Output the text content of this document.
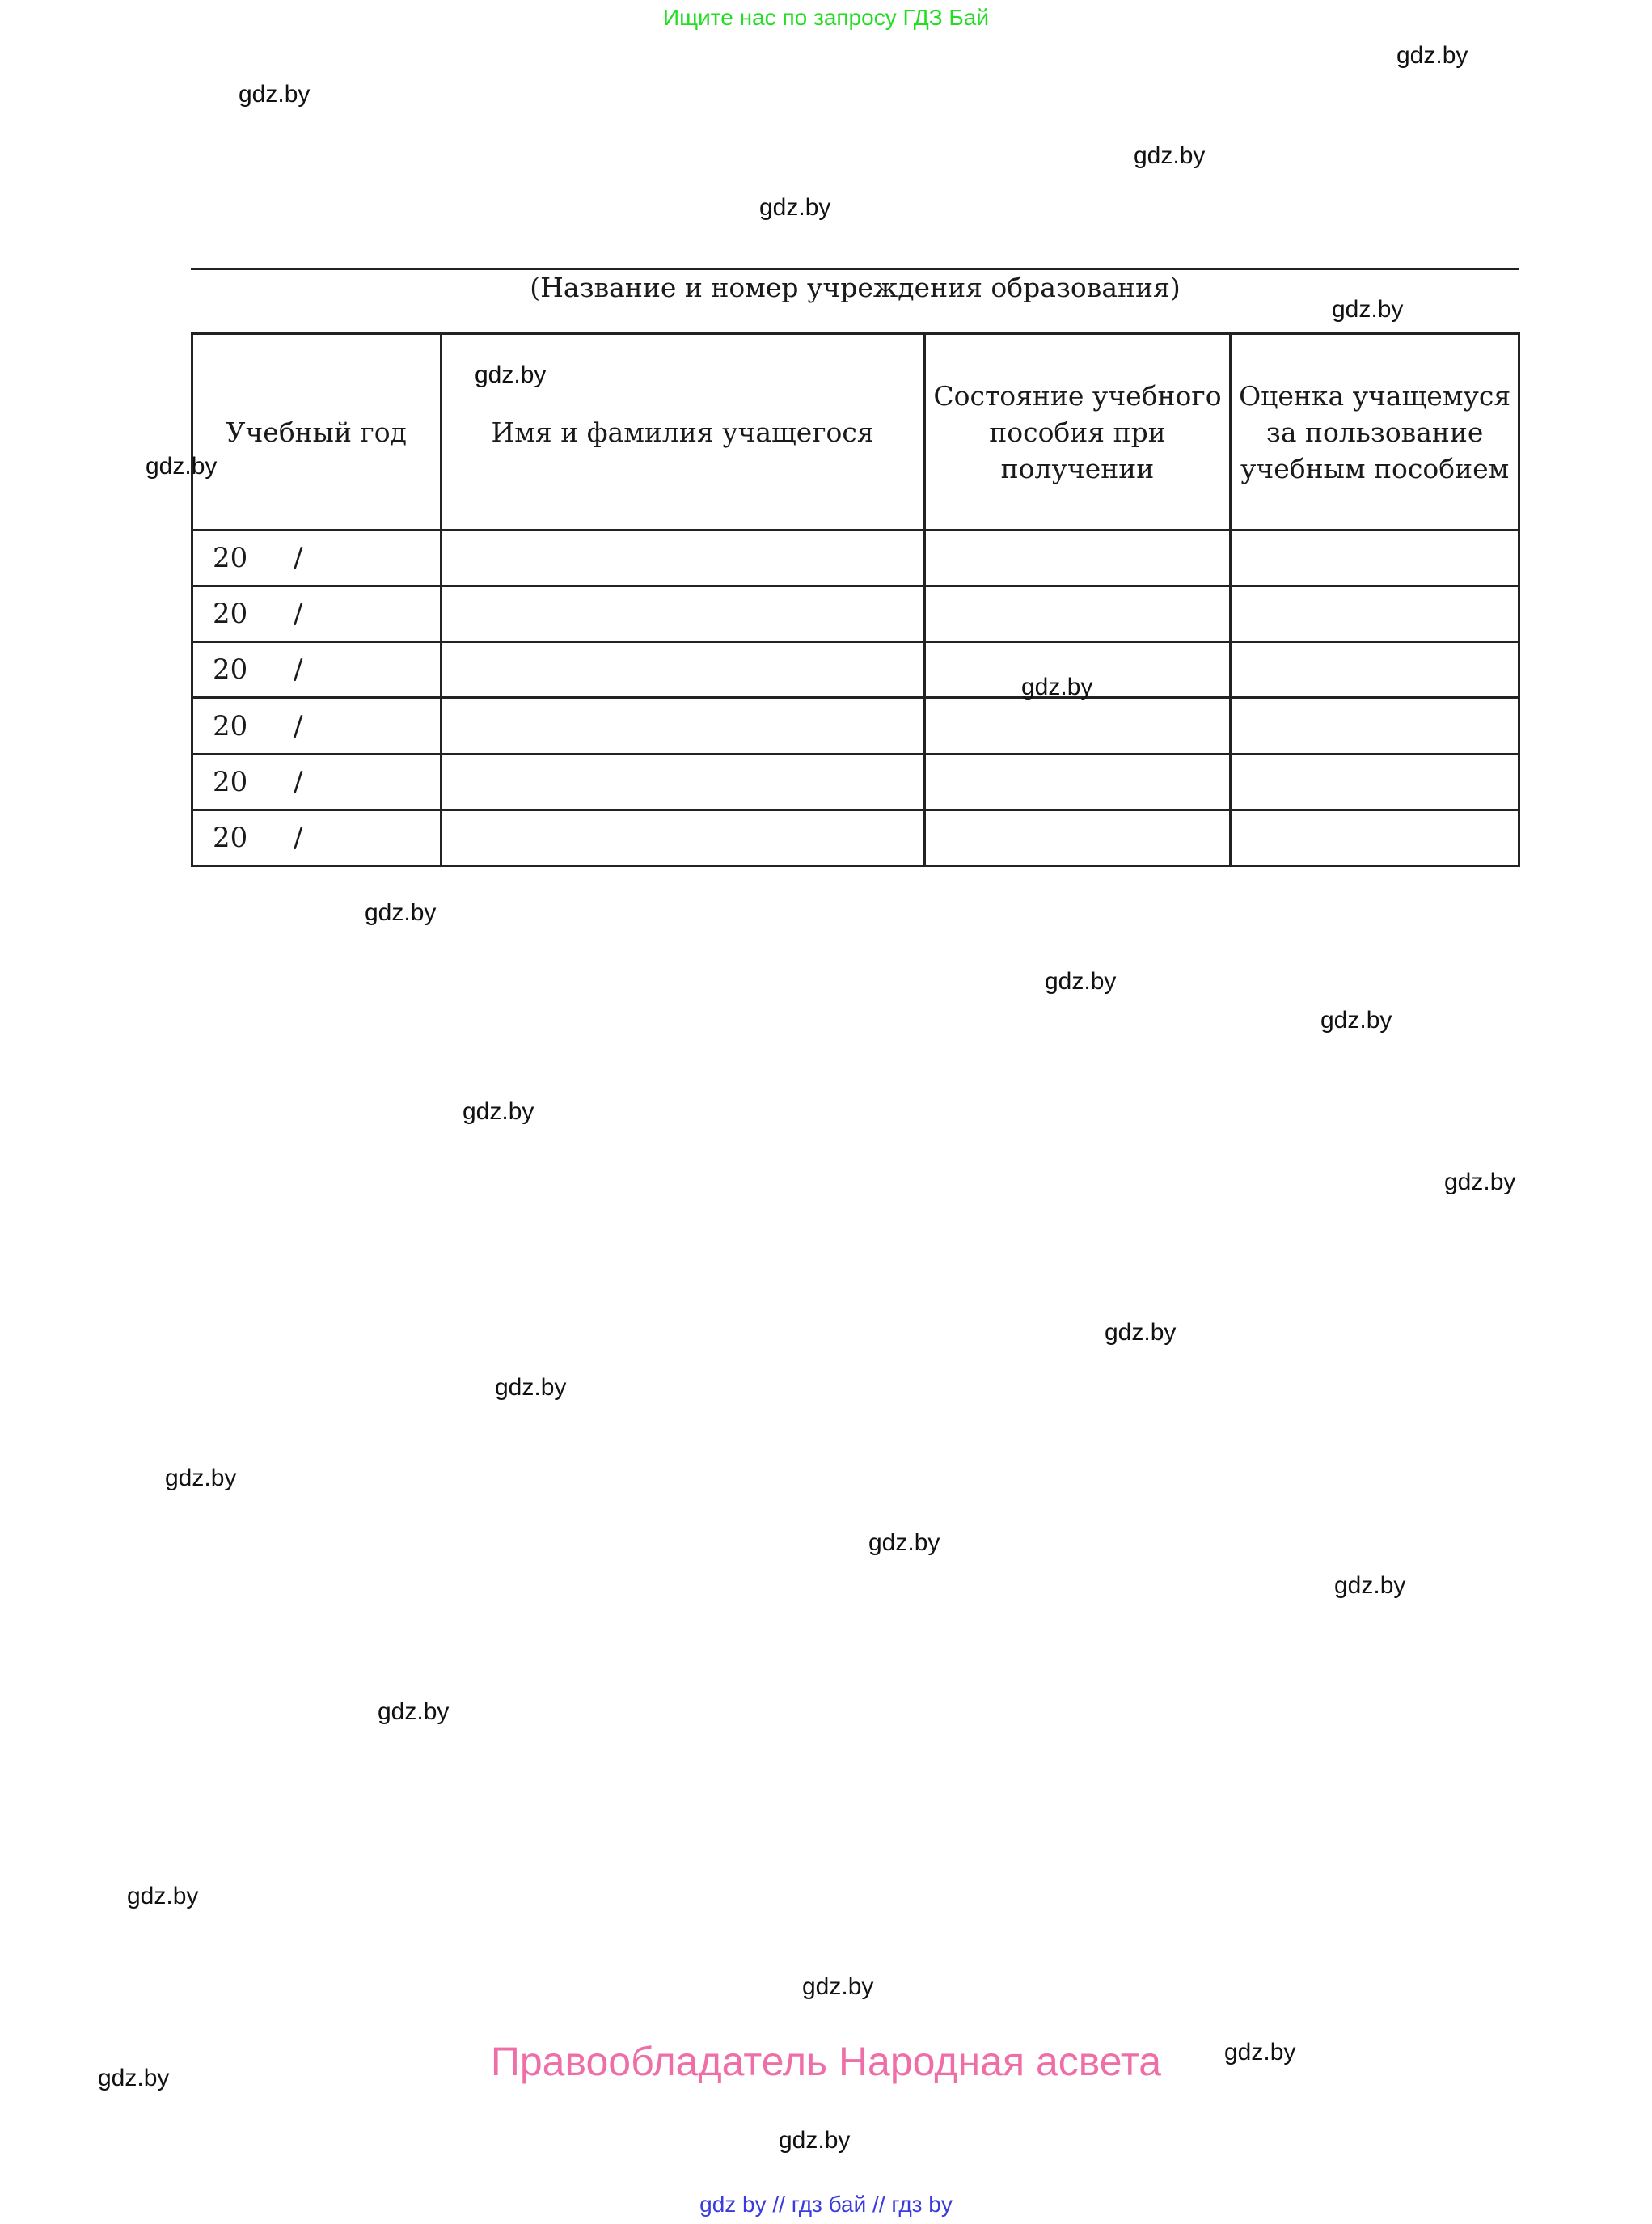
Ищите нас по запросу ГДЗ Бай
gdz.by
gdz.by
gdz.by
gdz.by
gdz.by
(Название и номер учреждения образования)
Учебный год	Имя и фамилия учащегося	Состояние учебного пособия при получении	Оценка учащемуся за пользование учебным пособием

20 /			

20 /			

20 /			

20 /			

20 /			

20 /			

gdz.by
gdz.by
gdz.by
gdz.by
gdz.by
gdz.by
gdz.by
gdz.by
gdz.by
gdz.by
gdz.by
gdz.by
gdz.by
gdz.by
gdz.by
gdz.by
gdz.by
gdz.by
gdz.by
Правообладатель Народная асвета
gdz by // гдз бай // гдз by
